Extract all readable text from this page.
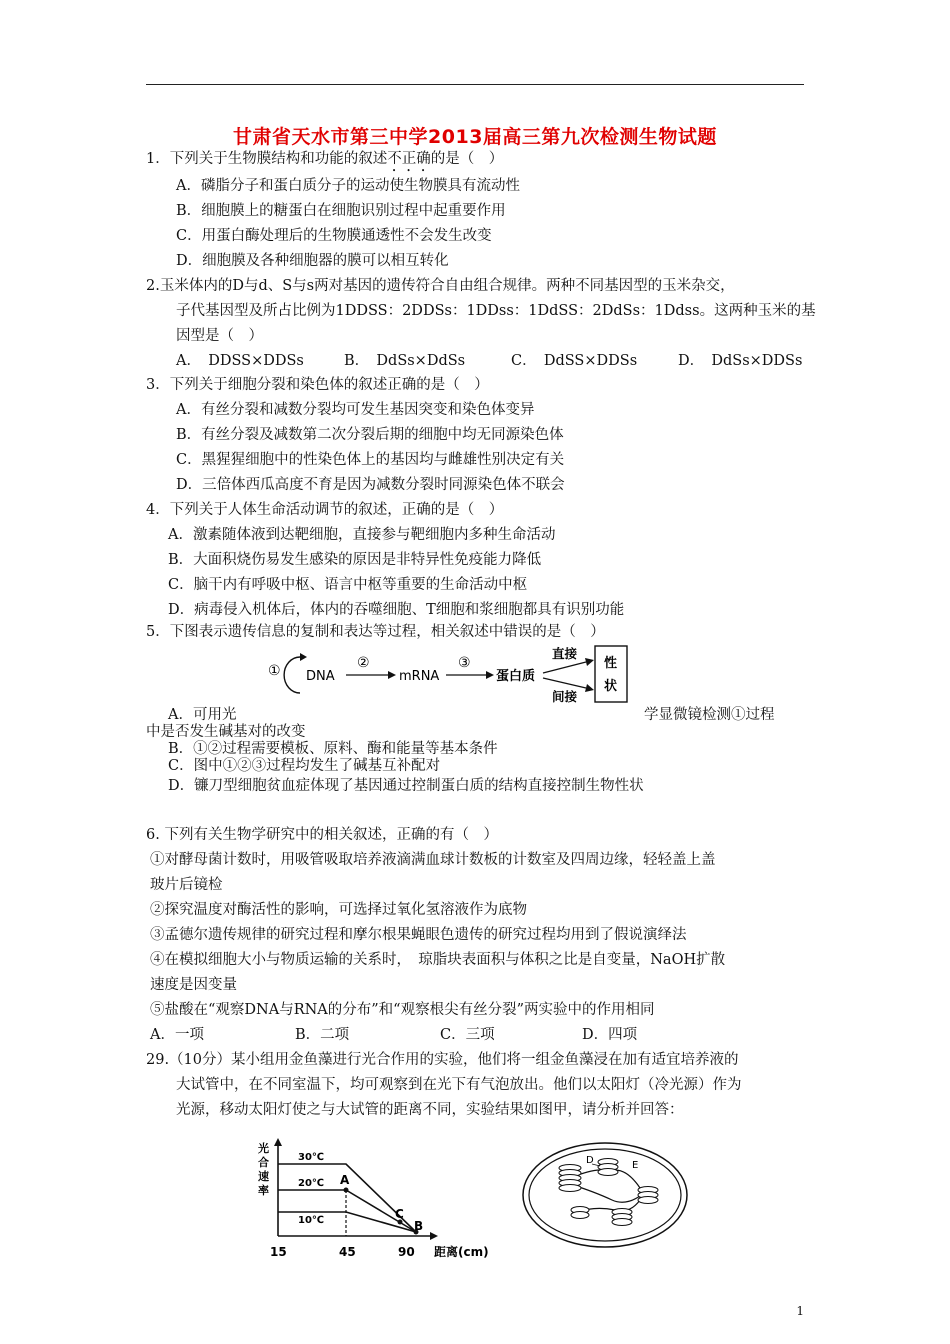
甘肃省天水市第三中学2013届高三第九次检测生物试题
1．下列关于生物膜结构和功能的叙述不正确的是（　）
A．磷脂分子和蛋白质分子的运动使生物膜具有流动性
B．细胞膜上的糖蛋白在细胞识别过程中起重要作用
C．用蛋白酶处理后的生物膜通透性不会发生改变
D．细胞膜及各种细胞器的膜可以相互转化
2.玉米体内的D与d、S与s两对基因的遗传符合自由组合规律。两种不同基因型的玉米杂交，
子代基因型及所占比例为1DDSS：2DDSs：1DDss：1DdSS：2DdSs：1Ddss。这两种玉米的基
因型是（　）
A．　DDSS×DDSs	B．　DdSs×DdSs	C．　DdSS×DDSs	D．　DdSs×DDSs
3．下列关于细胞分裂和染色体的叙述正确的是（　）
A．有丝分裂和减数分裂均可发生基因突变和染色体变异
B．有丝分裂及减数第二次分裂后期的细胞中均无同源染色体
C．黑猩猩细胞中的性染色体上的基因均与雌雄性别决定有关
D．三倍体西瓜高度不育是因为减数分裂时同源染色体不联会
4．下列关于人体生命活动调节的叙述，正确的是（　）
A．激素随体液到达靶细胞，直接参与靶细胞内多种生命活动
B．大面积烧伤易发生感染的原因是非特异性免疫能力降低
C．脑干内有呼吸中枢、语言中枢等重要的生命活动中枢
D．病毒侵入机体后，体内的吞噬细胞、T细胞和浆细胞都具有识别功能
5．下图表示遗传信息的复制和表达等过程，相关叙述中错误的是（　）
① DNA
②
mRNA
③
蛋白质
直接
间接
性
状
A．可用光	学显微镜检测①过程
中是否发生碱基对的改变
B．①②过程需要模板、原料、酶和能量等基本条件
C．图中①②③过程均发生了碱基互补配对
D．镰刀型细胞贫血症体现了基因通过控制蛋白质的结构直接控制生物性状
6. 下列有关生物学研究中的相关叙述，正确的有（　）
①对酵母菌计数时，用吸管吸取培养液滴满血球计数板的计数室及四周边缘，轻轻盖上盖
玻片后镜检
②探究温度对酶活性的影响，可选择过氧化氢溶液作为底物
③孟德尔遗传规律的研究过程和摩尔根果蝇眼色遗传的研究过程均用到了假说演绎法
④在模拟细胞大小与物质运输的关系时，　琼脂块表面积与体积之比是自变量，NaOH扩散
速度是因变量
⑤盐酸在“观察DNA与RNA的分布”和“观察根尖有丝分裂”两实验中的作用相同
A．一项	B．二项	C．三项	D．四项
29.（10分）某小组用金鱼藻进行光合作用的实验，他们将一组金鱼藻浸在加有适宜培养液的
大试管中，在不同室温下，均可观察到在光下有气泡放出。他们以太阳灯（冷光源）作为
光源，移动太阳灯使之与大试管的距离不同，实验结果如图甲，请分析并回答：
光
合
速
率
30℃
20℃
10℃
A
B
C
15	45	90 距离(cm)
D	E
1
